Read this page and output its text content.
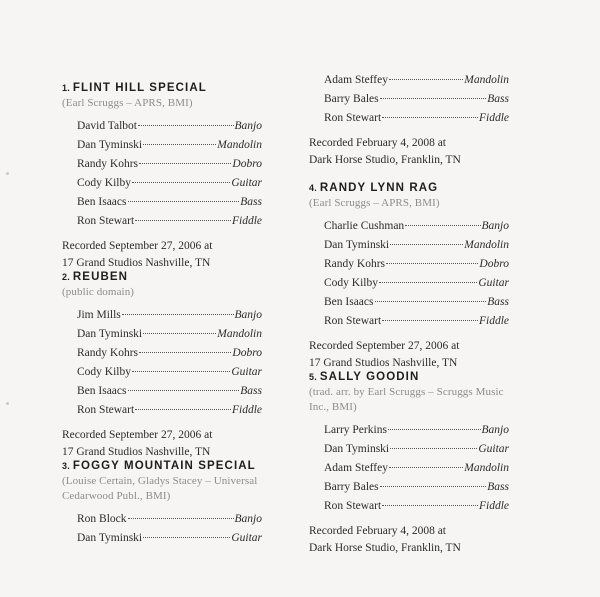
1. FLINT HILL SPECIAL
(Earl Scruggs – APRS, BMI)
David Talbot	Banjo
Dan Tyminski	Mandolin
Randy Kohrs	Dobro
Cody Kilby	Guitar
Ben Isaacs	Bass
Ron Stewart	Fiddle
Recorded September 27, 2006 at
17 Grand Studios Nashville, TN
2. REUBEN
(public domain)
Jim Mills	Banjo
Dan Tyminski	Mandolin
Randy Kohrs	Dobro
Cody Kilby	Guitar
Ben Isaacs	Bass
Ron Stewart	Fiddle
Recorded September 27, 2006 at
17 Grand Studios Nashville, TN
3. FOGGY MOUNTAIN SPECIAL
(Louise Certain, Gladys Stacey – Universal Cedarwood Publ., BMI)
Ron Block	Banjo
Dan Tyminski	Guitar
Adam Steffey	Mandolin
Barry Bales	Bass
Ron Stewart	Fiddle
Recorded February 4, 2008 at
Dark Horse Studio, Franklin, TN
4. RANDY LYNN RAG
(Earl Scruggs – APRS, BMI)
Charlie Cushman	Banjo
Dan Tyminski	Mandolin
Randy Kohrs	Dobro
Cody Kilby	Guitar
Ben Isaacs	Bass
Ron Stewart	Fiddle
Recorded September 27, 2006 at
17 Grand Studios Nashville, TN
5. SALLY GOODIN
(trad. arr. by Earl Scruggs – Scruggs Music Inc., BMI)
Larry Perkins	Banjo
Dan Tyminski	Guitar
Adam Steffey	Mandolin
Barry Bales	Bass
Ron Stewart	Fiddle
Recorded February 4, 2008 at
Dark Horse Studio, Franklin, TN
